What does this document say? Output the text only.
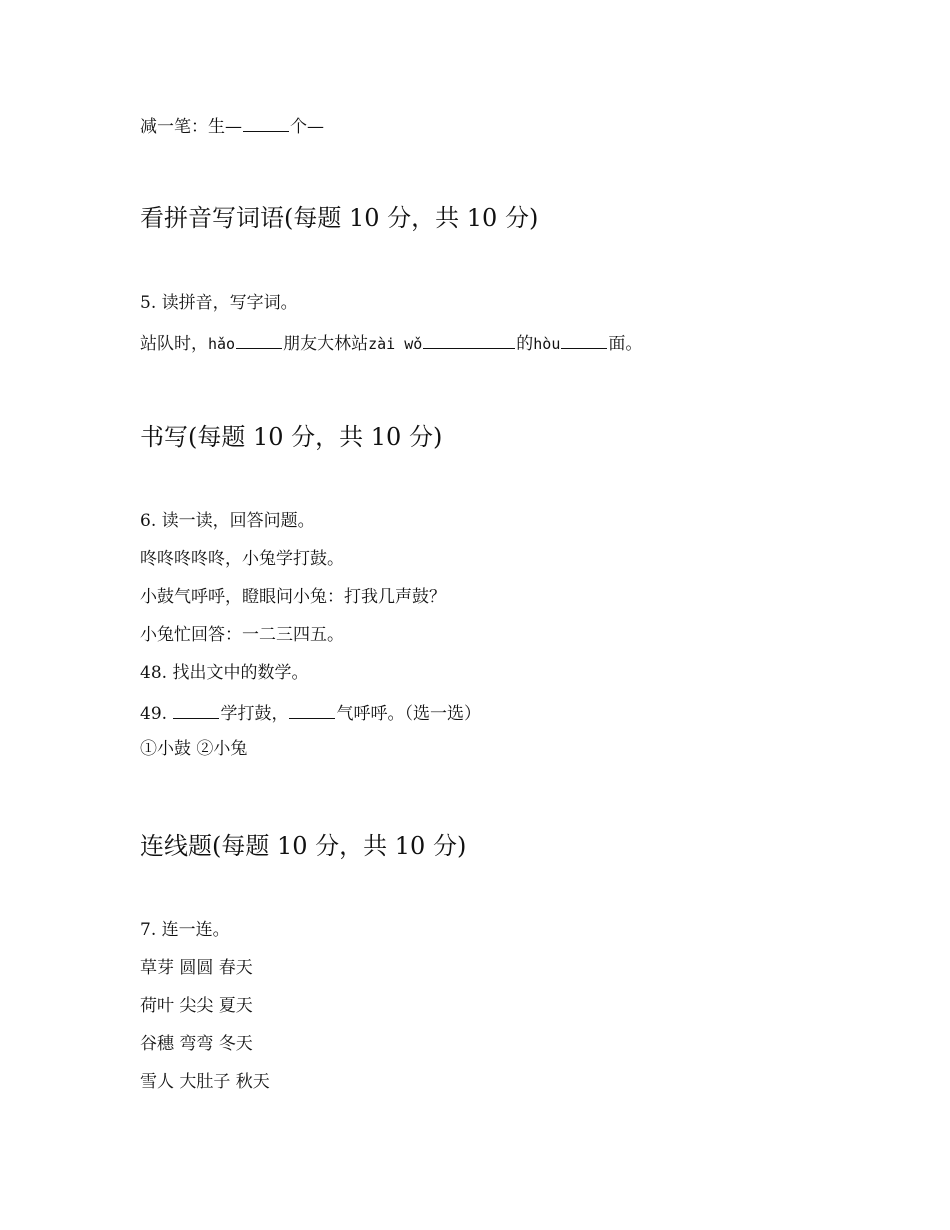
减一笔：生—	个—
看拼音写词语(每题 10 分，共 10 分)
5. 读拼音，写字词。
站队时，hǎo	朋友大林站zài wǒ	的hòu	面。
书写(每题 10 分，共 10 分)
6. 读一读，回答问题。
咚咚咚咚咚，小兔学打鼓。
小鼓气呼呼，瞪眼问小兔：打我几声鼓？
小兔忙回答：一二三四五。
48. 找出文中的数学。
49.	学打鼓，	气呼呼。（选一选）
①小鼓 ②小兔
连线题(每题 10 分，共 10 分)
7. 连一连。
草芽 圆圆 春天
荷叶 尖尖 夏天
谷穗 弯弯 冬天
雪人 大肚子 秋天
